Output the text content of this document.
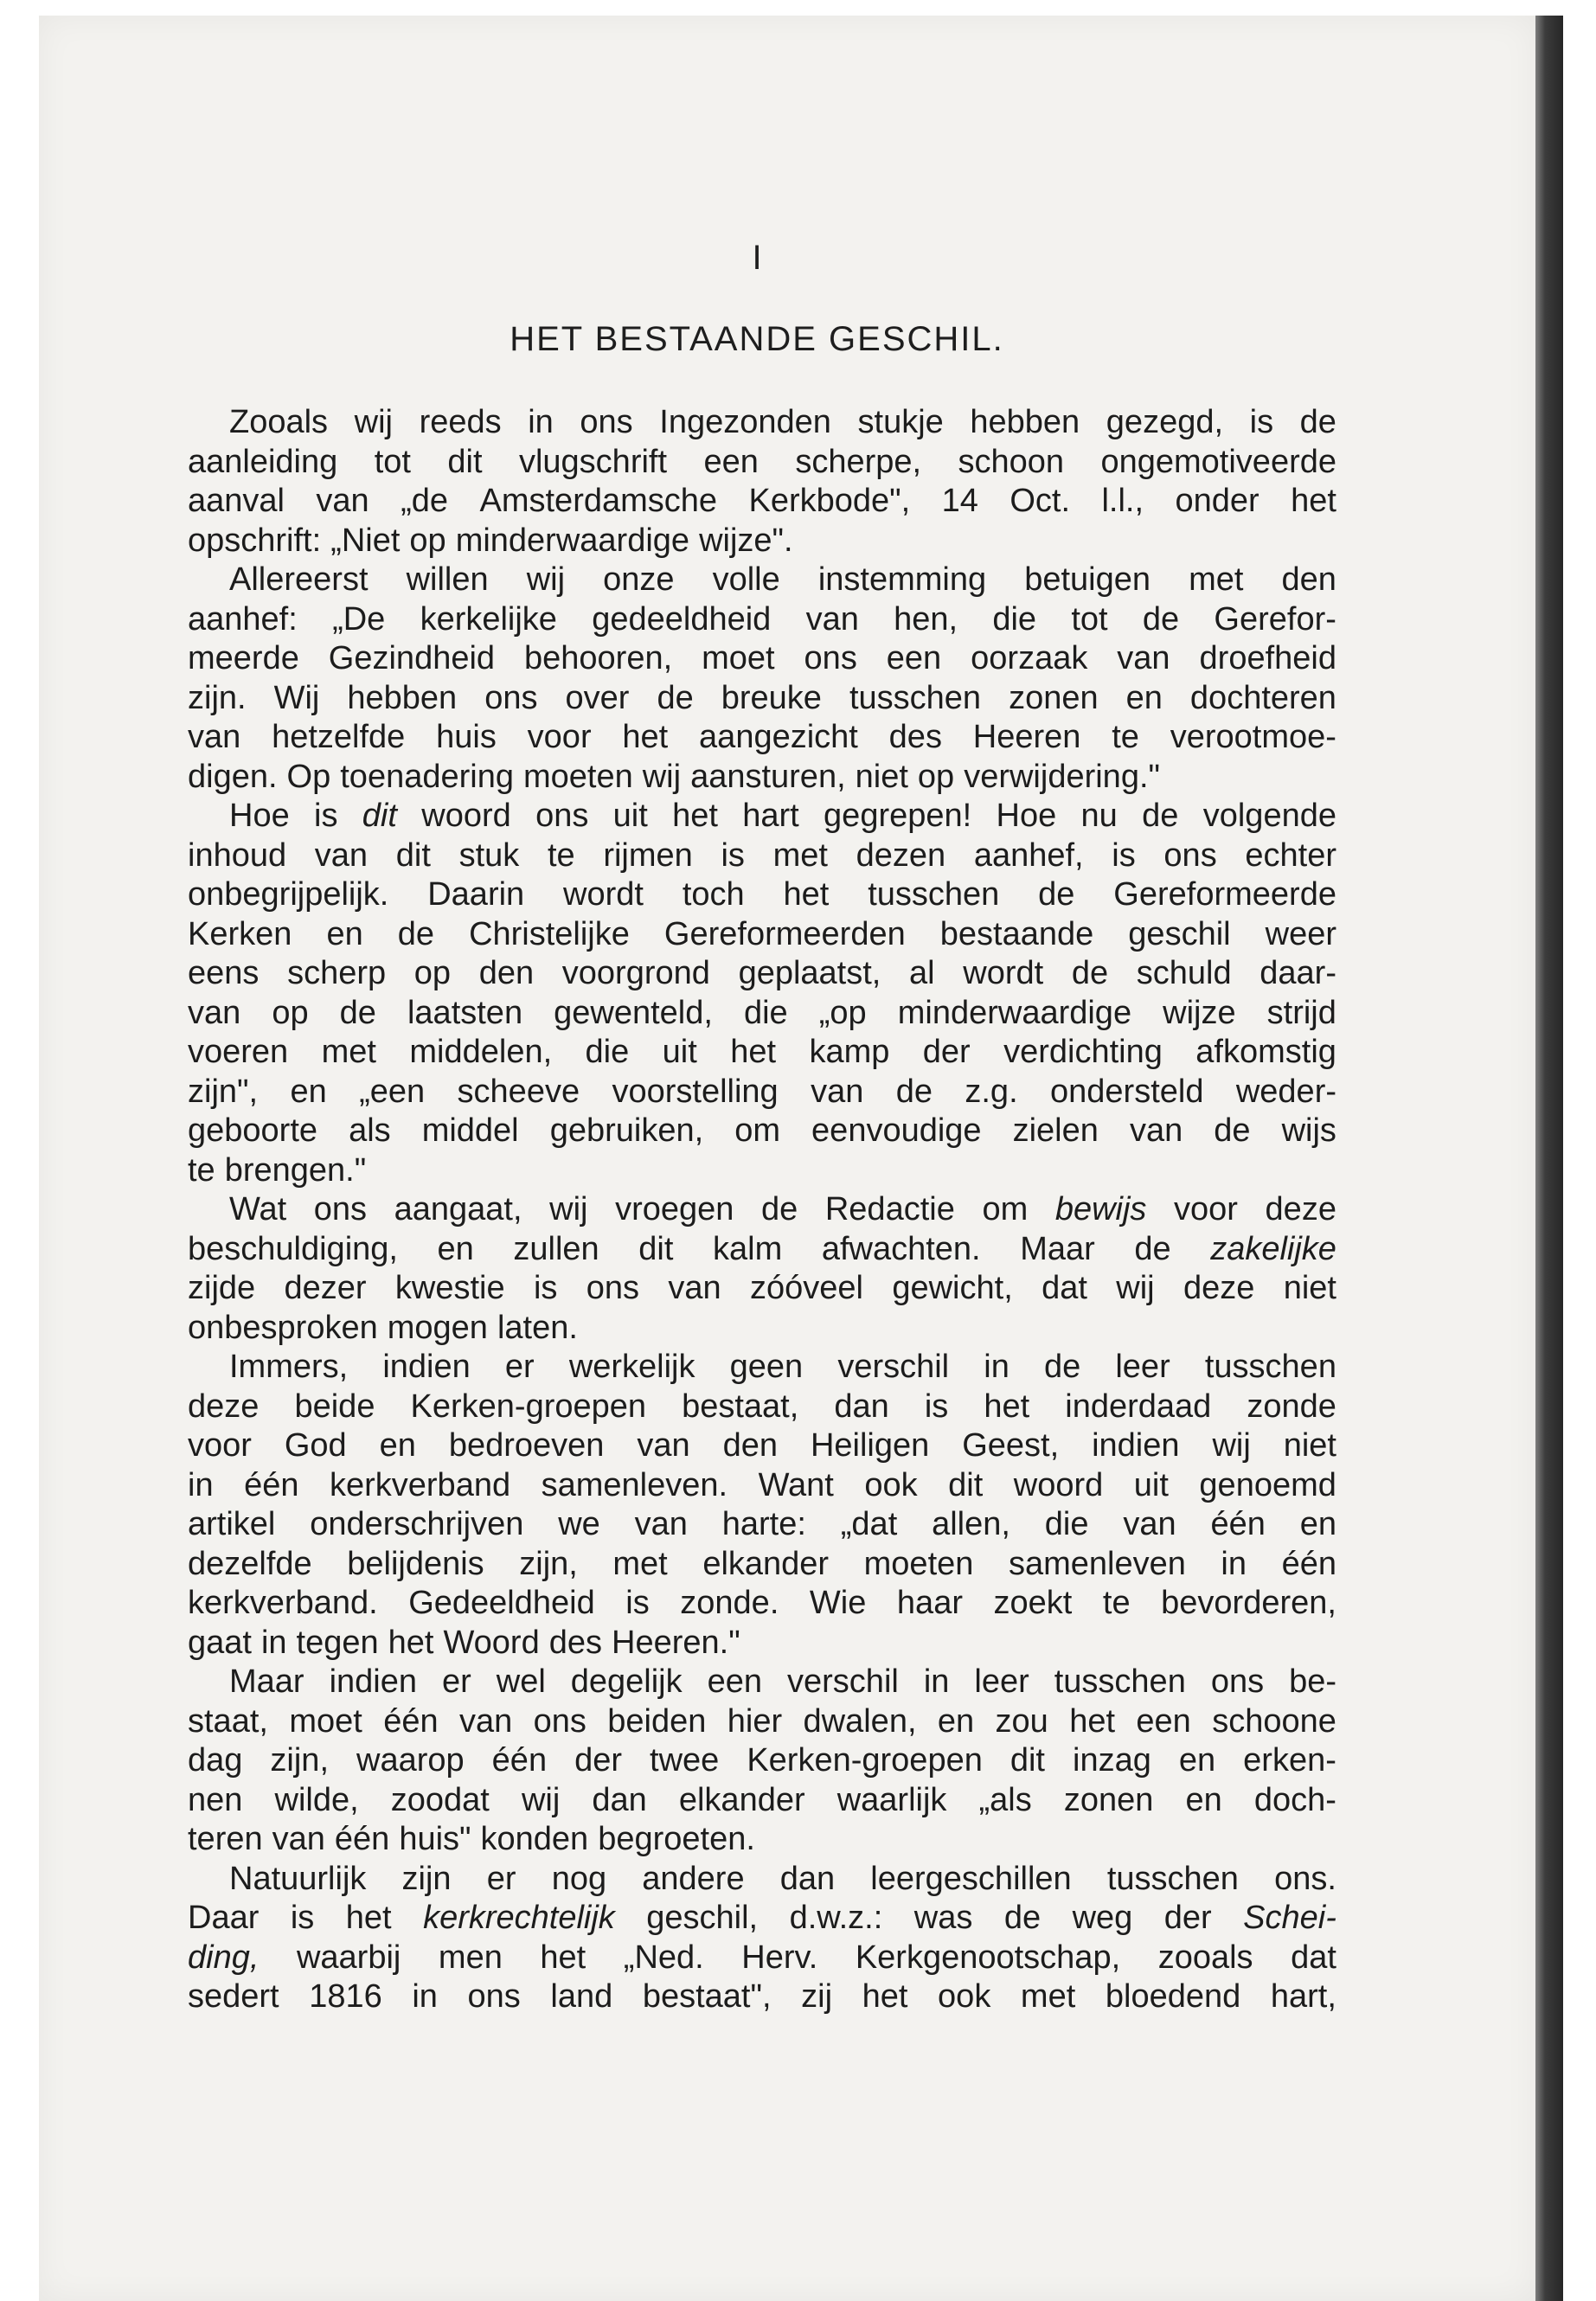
I
HET BESTAANDE GESCHIL.
Zooals wij reeds in ons Ingezonden stukje hebben gezegd, is de
aanleiding tot dit vlugschrift een scherpe, schoon ongemotiveerde
aanval van „de Amsterdamsche Kerkbode", 14 Oct. l.l., onder het
opschrift: „Niet op minderwaardige wijze".
Allereerst willen wij onze volle instemming betuigen met den
aanhef: „De kerkelijke gedeeldheid van hen, die tot de Gerefor-
meerde Gezindheid behooren, moet ons een oorzaak van droefheid
zijn. Wij hebben ons over de breuke tusschen zonen en dochteren
van hetzelfde huis voor het aangezicht des Heeren te verootmoe-
digen. Op toenadering moeten wij aansturen, niet op verwijdering."
Hoe is dit woord ons uit het hart gegrepen! Hoe nu de volgende
inhoud van dit stuk te rijmen is met dezen aanhef, is ons echter
onbegrijpelijk. Daarin wordt toch het tusschen de Gereformeerde
Kerken en de Christelijke Gereformeerden bestaande geschil weer
eens scherp op den voorgrond geplaatst, al wordt de schuld daar-
van op de laatsten gewenteld, die „op minderwaardige wijze strijd
voeren met middelen, die uit het kamp der verdichting afkomstig
zijn", en „een scheeve voorstelling van de z.g. ondersteld weder-
geboorte als middel gebruiken, om eenvoudige zielen van de wijs
te brengen."
Wat ons aangaat, wij vroegen de Redactie om bewijs voor deze
beschuldiging, en zullen dit kalm afwachten. Maar de zakelijke
zijde dezer kwestie is ons van zóóveel gewicht, dat wij deze niet
onbesproken mogen laten.
Immers, indien er werkelijk geen verschil in de leer tusschen
deze beide Kerken-groepen bestaat, dan is het inderdaad zonde
voor God en bedroeven van den Heiligen Geest, indien wij niet
in één kerkverband samenleven. Want ook dit woord uit genoemd
artikel onderschrijven we van harte: „dat allen, die van één en
dezelfde belijdenis zijn, met elkander moeten samenleven in één
kerkverband. Gedeeldheid is zonde. Wie haar zoekt te bevorderen,
gaat in tegen het Woord des Heeren."
Maar indien er wel degelijk een verschil in leer tusschen ons be-
staat, moet één van ons beiden hier dwalen, en zou het een schoone
dag zijn, waarop één der twee Kerken-groepen dit inzag en erken-
nen wilde, zoodat wij dan elkander waarlijk „als zonen en doch-
teren van één huis" konden begroeten.
Natuurlijk zijn er nog andere dan leergeschillen tusschen ons.
Daar is het kerkrechtelijk geschil, d.w.z.: was de weg der Schei-
ding, waarbij men het „Ned. Herv. Kerkgenootschap, zooals dat
sedert 1816 in ons land bestaat", zij het ook met bloedend hart,
